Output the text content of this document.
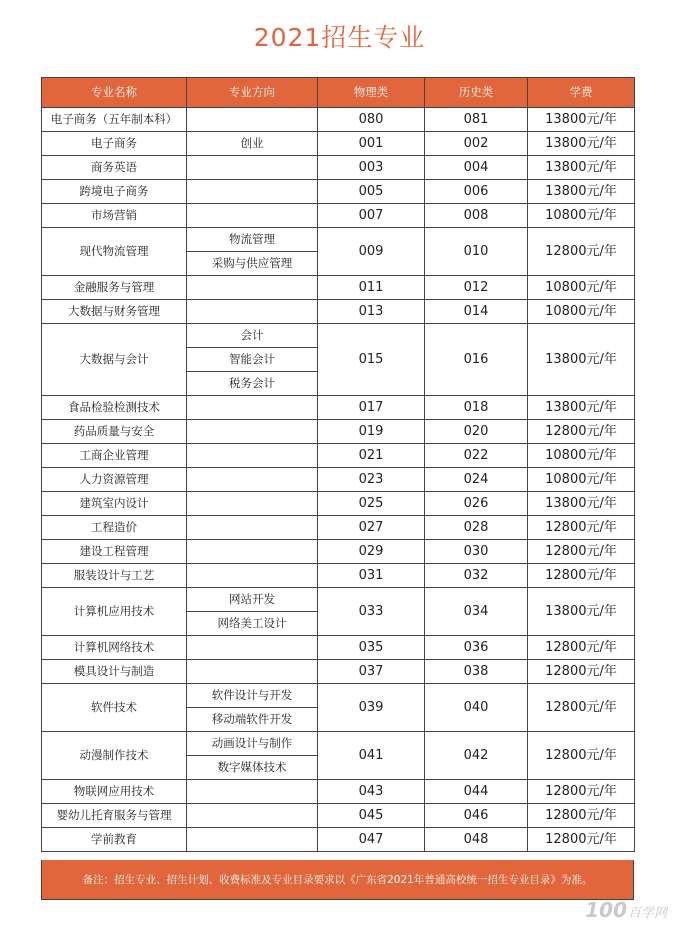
2021招生专业
专业名称	专业方向	物理类	历史类	学费
电子商务（五年制本科）		080	081	13800元/年
电子商务	创业	001	002	13800元/年
商务英语		003	004	13800元/年
跨境电子商务		005	006	13800元/年
市场营销		007	008	10800元/年
现代物流管理	物流管理	009	010	12800元/年
	采购与供应管理			
金融服务与管理		011	012	10800元/年
大数据与财务管理		013	014	10800元/年
大数据与会计	会计	015	016	13800元/年
	智能会计			
	税务会计			
食品检验检测技术		017	018	13800元/年
药品质量与安全		019	020	12800元/年
工商企业管理		021	022	10800元/年
人力资源管理		023	024	10800元/年
建筑室内设计		025	026	13800元/年
工程造价		027	028	12800元/年
建设工程管理		029	030	12800元/年
服装设计与工艺		031	032	12800元/年
计算机应用技术	网站开发	033	034	13800元/年
	网络美工设计			
计算机网络技术		035	036	12800元/年
模具设计与制造		037	038	12800元/年
软件技术	软件设计与开发	039	040	12800元/年
	移动端软件开发			
动漫制作技术	动画设计与制作	041	042	12800元/年
	数字媒体技术			
物联网应用技术		043	044	12800元/年
婴幼儿托育服务与管理		045	046	12800元/年
学前教育		047	048	12800元/年
备注：招生专业、招生计划、收费标准及专业目录要求以《广东省2021年普通高校统一招生专业目录》为准。
100 百学网
